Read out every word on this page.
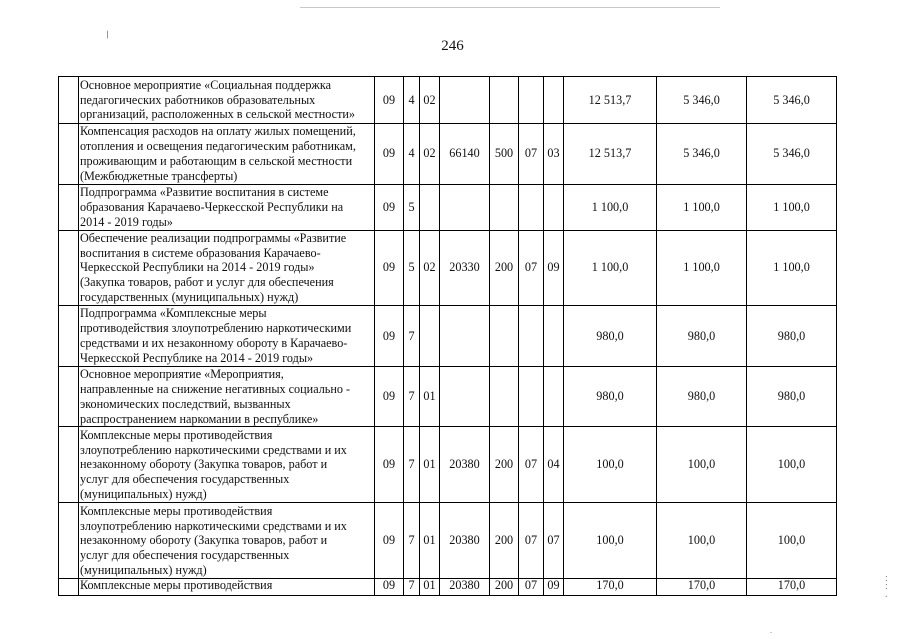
/
246

	Основное мероприятие «Социальная поддержка
педагогических работников образовательных
организаций, расположенных в сельской местности»	09	4	02					12 513,7	5 346,0	5 346,0

	Компенсация расходов на оплату жилых помещений,
отопления и освещения педагогическим работникам,
проживающим и работающим в сельской местности
(Межбюджетные трансферты)	09	4	02	66140	500	07	03	12 513,7	5 346,0	5 346,0

	Подпрограмма «Развитие воспитания в системе
образования Карачаево-Черкесской Республики на
2014 - 2019 годы»	09	5						1 100,0	1 100,0	1 100,0

	Обеспечение реализации подпрограммы «Развитие
воспитания в системе образования Карачаево-
Черкесской Республики на 2014 - 2019 годы»
(Закупка товаров, работ и услуг для обеспечения
государственных (муниципальных) нужд)	09	5	02	20330	200	07	09	1 100,0	1 100,0	1 100,0

	Подпрограмма «Комплексные меры
противодействия злоупотреблению наркотическими
средствами и их незаконному обороту в Карачаево-
Черкесской Республике на 2014 - 2019 годы»	09	7						980,0	980,0	980,0

	Основное мероприятие «Мероприятия,
направленные на снижение негативных социально -
экономических последствий, вызванных
распространением наркомании в республике»	09	7	01					980,0	980,0	980,0

	Комплексные меры противодействия
злоупотреблению наркотическими средствами и их
незаконному обороту (Закупка товаров, работ и
услуг для обеспечения государственных
(муниципальных) нужд)	09	7	01	20380	200	07	04	100,0	100,0	100,0

	Комплексные меры противодействия
злоупотреблению наркотическими средствами и их
незаконному обороту (Закупка товаров, работ и
услуг для обеспечения государственных
(муниципальных) нужд)	09	7	01	20380	200	07	07	100,0	100,0	100,0

	Комплексные меры противодействия	09	7	01	20380	200	07	09	170,0	170,0	170,0	:
:
.
.
